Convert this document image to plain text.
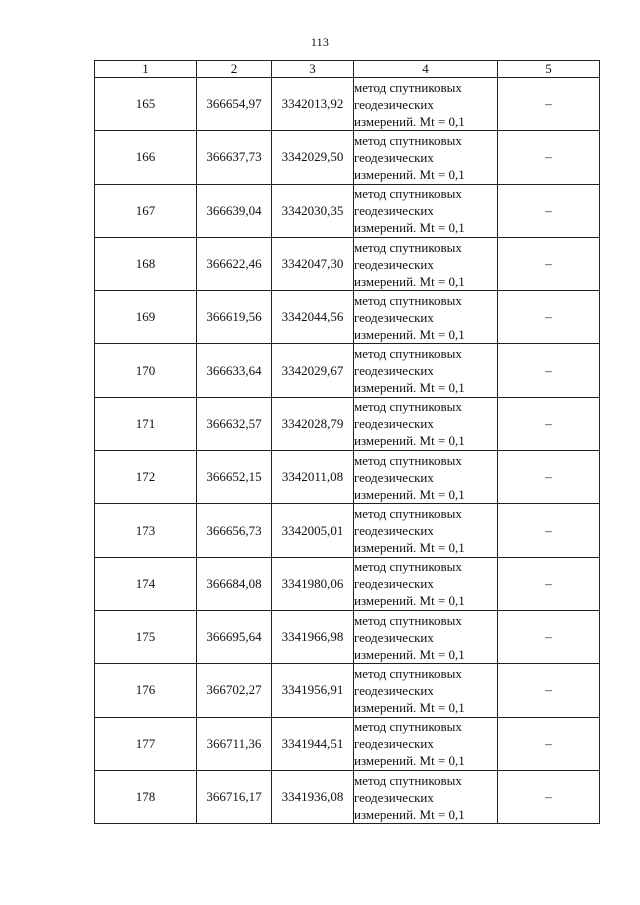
113
1	2	3	4	5
165	366654,97	3342013,92	метод спутниковых
геодезических
измерений. Mt = 0,1	–
166	366637,73	3342029,50	метод спутниковых
геодезических
измерений. Mt = 0,1	–
167	366639,04	3342030,35	метод спутниковых
геодезических
измерений. Mt = 0,1	–
168	366622,46	3342047,30	метод спутниковых
геодезических
измерений. Mt = 0,1	–
169	366619,56	3342044,56	метод спутниковых
геодезических
измерений. Mt = 0,1	–
170	366633,64	3342029,67	метод спутниковых
геодезических
измерений. Mt = 0,1	–
171	366632,57	3342028,79	метод спутниковых
геодезических
измерений. Mt = 0,1	–
172	366652,15	3342011,08	метод спутниковых
геодезических
измерений. Mt = 0,1	–
173	366656,73	3342005,01	метод спутниковых
геодезических
измерений. Mt = 0,1	–
174	366684,08	3341980,06	метод спутниковых
геодезических
измерений. Mt = 0,1	–
175	366695,64	3341966,98	метод спутниковых
геодезических
измерений. Mt = 0,1	–
176	366702,27	3341956,91	метод спутниковых
геодезических
измерений. Mt = 0,1	–
177	366711,36	3341944,51	метод спутниковых
геодезических
измерений. Mt = 0,1	–
178	366716,17	3341936,08	метод спутниковых
геодезических
измерений. Mt = 0,1	–
